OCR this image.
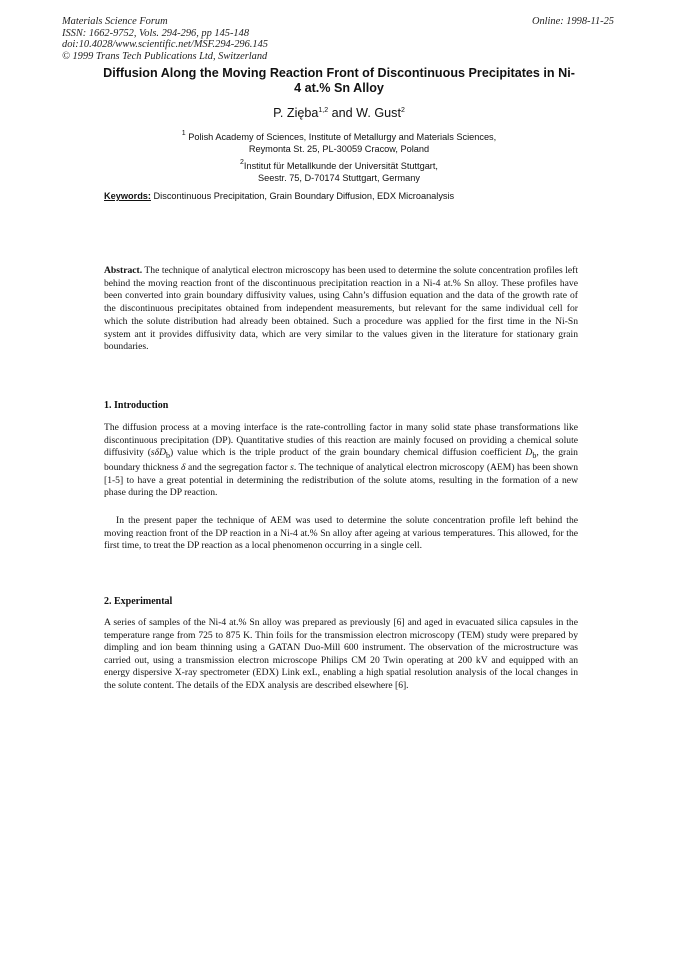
Materials Science Forum
ISSN: 1662-9752, Vols. 294-296, pp 145-148
doi:10.4028/www.scientific.net/MSF.294-296.145
© 1999 Trans Tech Publications Ltd, Switzerland
Online: 1998-11-25
Diffusion Along the Moving Reaction Front of Discontinuous Precipitates in Ni-4 at.% Sn Alloy
P. Zięba$^{1,2}$ and W. Gust$^2$
$^1$ Polish Academy of Sciences, Institute of Metallurgy and Materials Sciences,
Reymonta St. 25, PL-30059 Cracow, Poland
$^2$Institut für Metallkunde der Universität Stuttgart,
Seestr. 75, D-70174 Stuttgart, Germany
Keywords: Discontinuous Precipitation, Grain Boundary Diffusion, EDX Microanalysis
Abstract. The technique of analytical electron microscopy has been used to determine the solute concentration profiles left behind the moving reaction front of the discontinuous precipitation reaction in a Ni-4 at.% Sn alloy. These profiles have been converted into grain boundary diffusivity values, using Cahn’s diffusion equation and the data of the growth rate of the discontinuous precipitates obtained from independent measurements, but relevant for the same individual cell for which the solute distribution had already been obtained. Such a procedure was applied for the first time in the Ni-Sn system ant it provides diffusivity data, which are very similar to the values given in the literature for stationary grain boundaries.
1. Introduction
The diffusion process at a moving interface is the rate-controlling factor in many solid state phase transformations like discontinuous precipitation (DP). Quantitative studies of this reaction are mainly focused on providing a chemical solute diffusivity (sδD$_b$) value which is the triple product of the grain boundary chemical diffusion coefficient $D_b$, the grain boundary thickness δ and the segregation factor s. The technique of analytical electron microscopy (AEM) has been shown [1-5] to have a great potential in determining the redistribution of the solute atoms, resulting in the formation of a new phase during the DP reaction.
In the present paper the technique of AEM was used to determine the solute concentration profile left behind the moving reaction front of the DP reaction in a Ni-4 at.% Sn alloy after ageing at various temperatures. This allowed, for the first time, to treat the DP reaction as a local phenomenon occurring in a single cell.
2. Experimental
A series of samples of the Ni-4 at.% Sn alloy was prepared as previously [6] and aged in evacuated silica capsules in the temperature range from 725 to 875 K. Thin foils for the transmission electron microscopy (TEM) study were prepared by dimpling and ion beam thinning using a GATAN Duo-Mill 600 instrument. The observation of the microstructure was carried out, using a transmission electron microscope Philips CM 20 Twin operating at 200 kV and equipped with an energy dispersive X-ray spectrometer (EDX) Link exL, enabling a high spatial resolution analysis of the local changes in the solute content. The details of the EDX analysis are described elsewhere [6].
